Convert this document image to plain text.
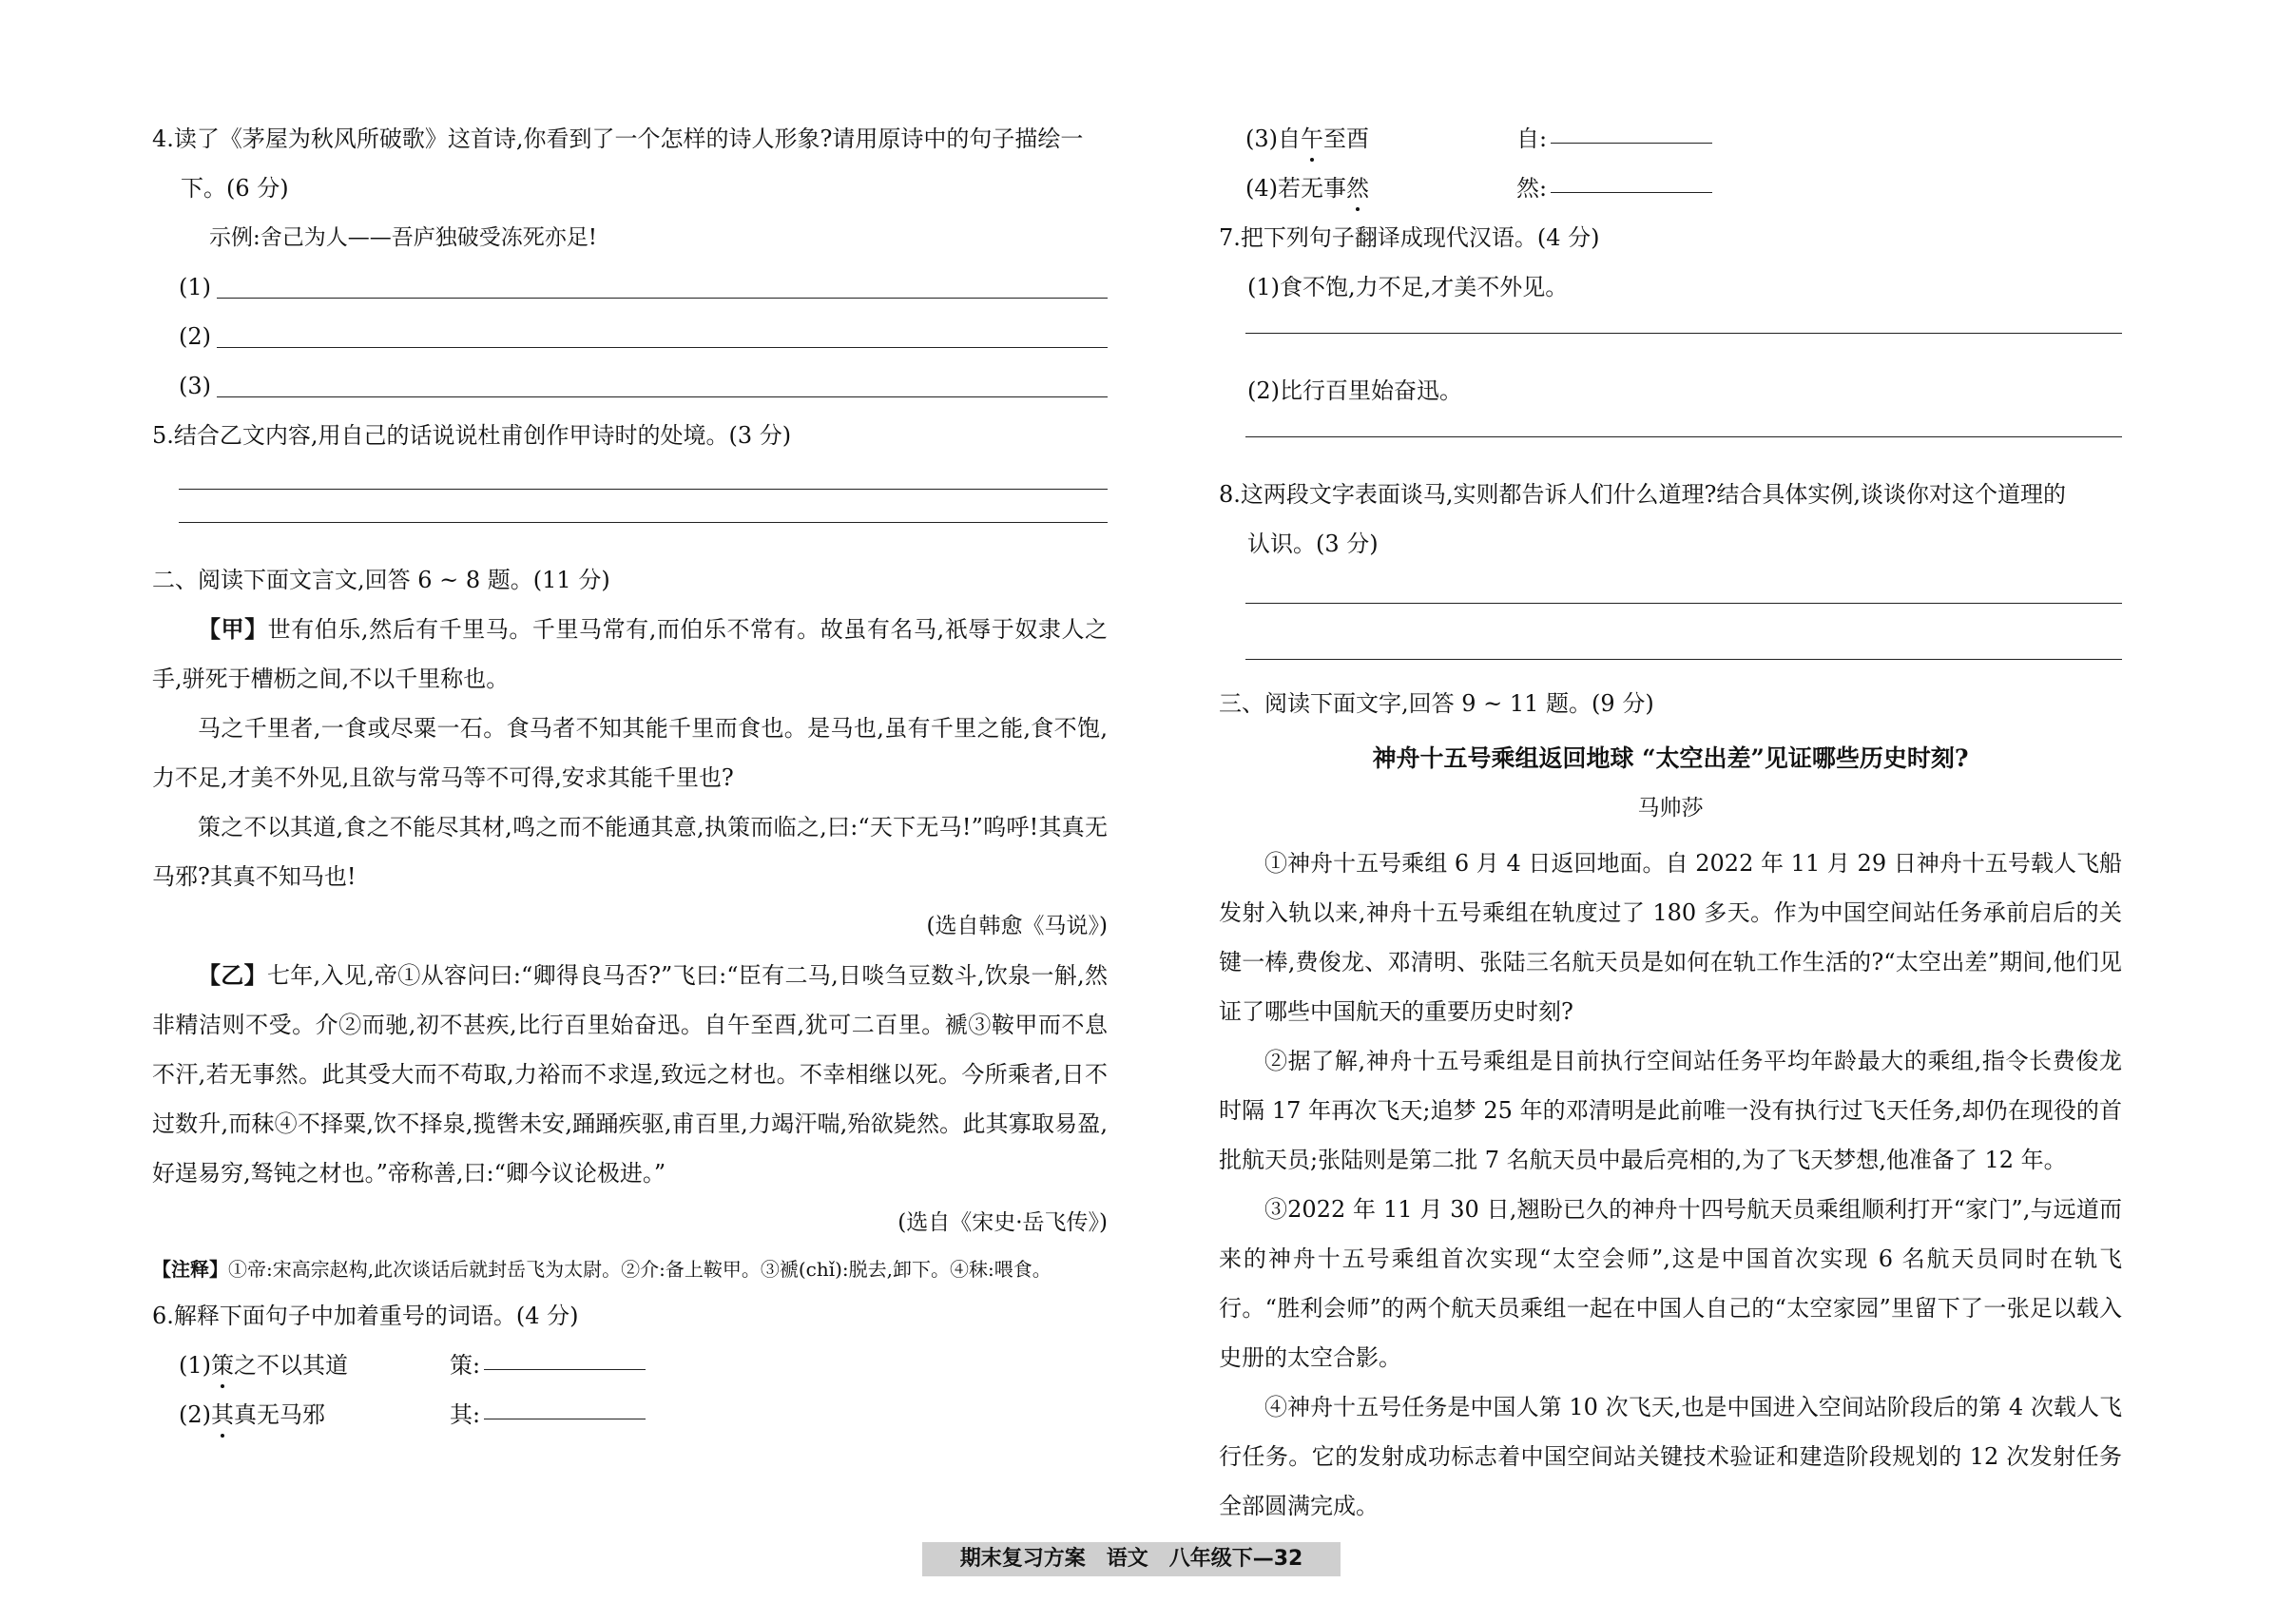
4.读了《茅屋为秋风所破歌》这首诗,你看到了一个怎样的诗人形象?请用原诗中的句子描绘一
下。(6 分)
示例:舍己为人——吾庐独破受冻死亦足!
(1)
(2)
(3)
5.结合乙文内容,用自己的话说说杜甫创作甲诗时的处境。(3 分)
二、阅读下面文言文,回答 6 ~ 8 题。(11 分)

【甲】世有伯乐,然后有千里马。千里马常有,而伯乐不常有。故虽有名马,祇辱于奴隶人之手,骈死于槽枥之间,不以千里称也。

马之千里者,一食或尽粟一石。食马者不知其能千里而食也。是马也,虽有千里之能,食不饱,力不足,才美不外见,且欲与常马等不可得,安求其能千里也?

策之不以其道,食之不能尽其材,鸣之而不能通其意,执策而临之,曰:“天下无马!”呜呼!其真无马邪?其真不知马也!

(选自韩愈《马说》)

【乙】七年,入见,帝①从容问曰:“卿得良马否?”飞曰:“臣有二马,日啖刍豆数斗,饮泉一斛,然非精洁则不受。介②而驰,初不甚疾,比行百里始奋迅。自午至酉,犹可二百里。褫③鞍甲而不息不汗,若无事然。此其受大而不苟取,力裕而不求逞,致远之材也。不幸相继以死。今所乘者,日不过数升,而秣④不择粟,饮不择泉,揽辔未安,踊踊疾驱,甫百里,力竭汗喘,殆欲毙然。此其寡取易盈,好逞易穷,驽钝之材也。”帝称善,曰:“卿今议论极进。”

(选自《宋史·岳飞传》)
【注释】①帝:宋高宗赵构,此次谈话后就封岳飞为太尉。②介:备上鞍甲。③褫(chǐ):脱去,卸下。④秣:喂食。
6.解释下面句子中加着重号的词语。(4 分)
(1)策之不以其道	策:
(2)其真无马邪	其:
(3)自午至酉	自:
(4)若无事然	然:
7.把下列句子翻译成现代汉语。(4 分)
(1)食不饱,力不足,才美不外见。
(2)比行百里始奋迅。
8.这两段文字表面谈马,实则都告诉人们什么道理?结合具体实例,谈谈你对这个道理的
认识。(3 分)
三、阅读下面文字,回答 9 ~ 11 题。(9 分)
神舟十五号乘组返回地球 “太空出差”见证哪些历史时刻?
马帅莎

①神舟十五号乘组 6 月 4 日返回地面。自 2022 年 11 月 29 日神舟十五号载人飞船发射入轨以来,神舟十五号乘组在轨度过了 180 多天。作为中国空间站任务承前启后的关键一棒,费俊龙、邓清明、张陆三名航天员是如何在轨工作生活的?“太空出差”期间,他们见证了哪些中国航天的重要历史时刻?

②据了解,神舟十五号乘组是目前执行空间站任务平均年龄最大的乘组,指令长费俊龙时隔 17 年再次飞天;追梦 25 年的邓清明是此前唯一没有执行过飞天任务,却仍在现役的首批航天员;张陆则是第二批 7 名航天员中最后亮相的,为了飞天梦想,他准备了 12 年。

③2022 年 11 月 30 日,翘盼已久的神舟十四号航天员乘组顺利打开“家门”,与远道而来的神舟十五号乘组首次实现“太空会师”,这是中国首次实现 6 名航天员同时在轨飞行。“胜利会师”的两个航天员乘组一起在中国人自己的“太空家园”里留下了一张足以载入史册的太空合影。

④神舟十五号任务是中国人第 10 次飞天,也是中国进入空间站阶段后的第 4 次载人飞行任务。它的发射成功标志着中国空间站关键技术验证和建造阶段规划的 12 次发射任务全部圆满完成。

期末复习方案　语文　八年级下—32
